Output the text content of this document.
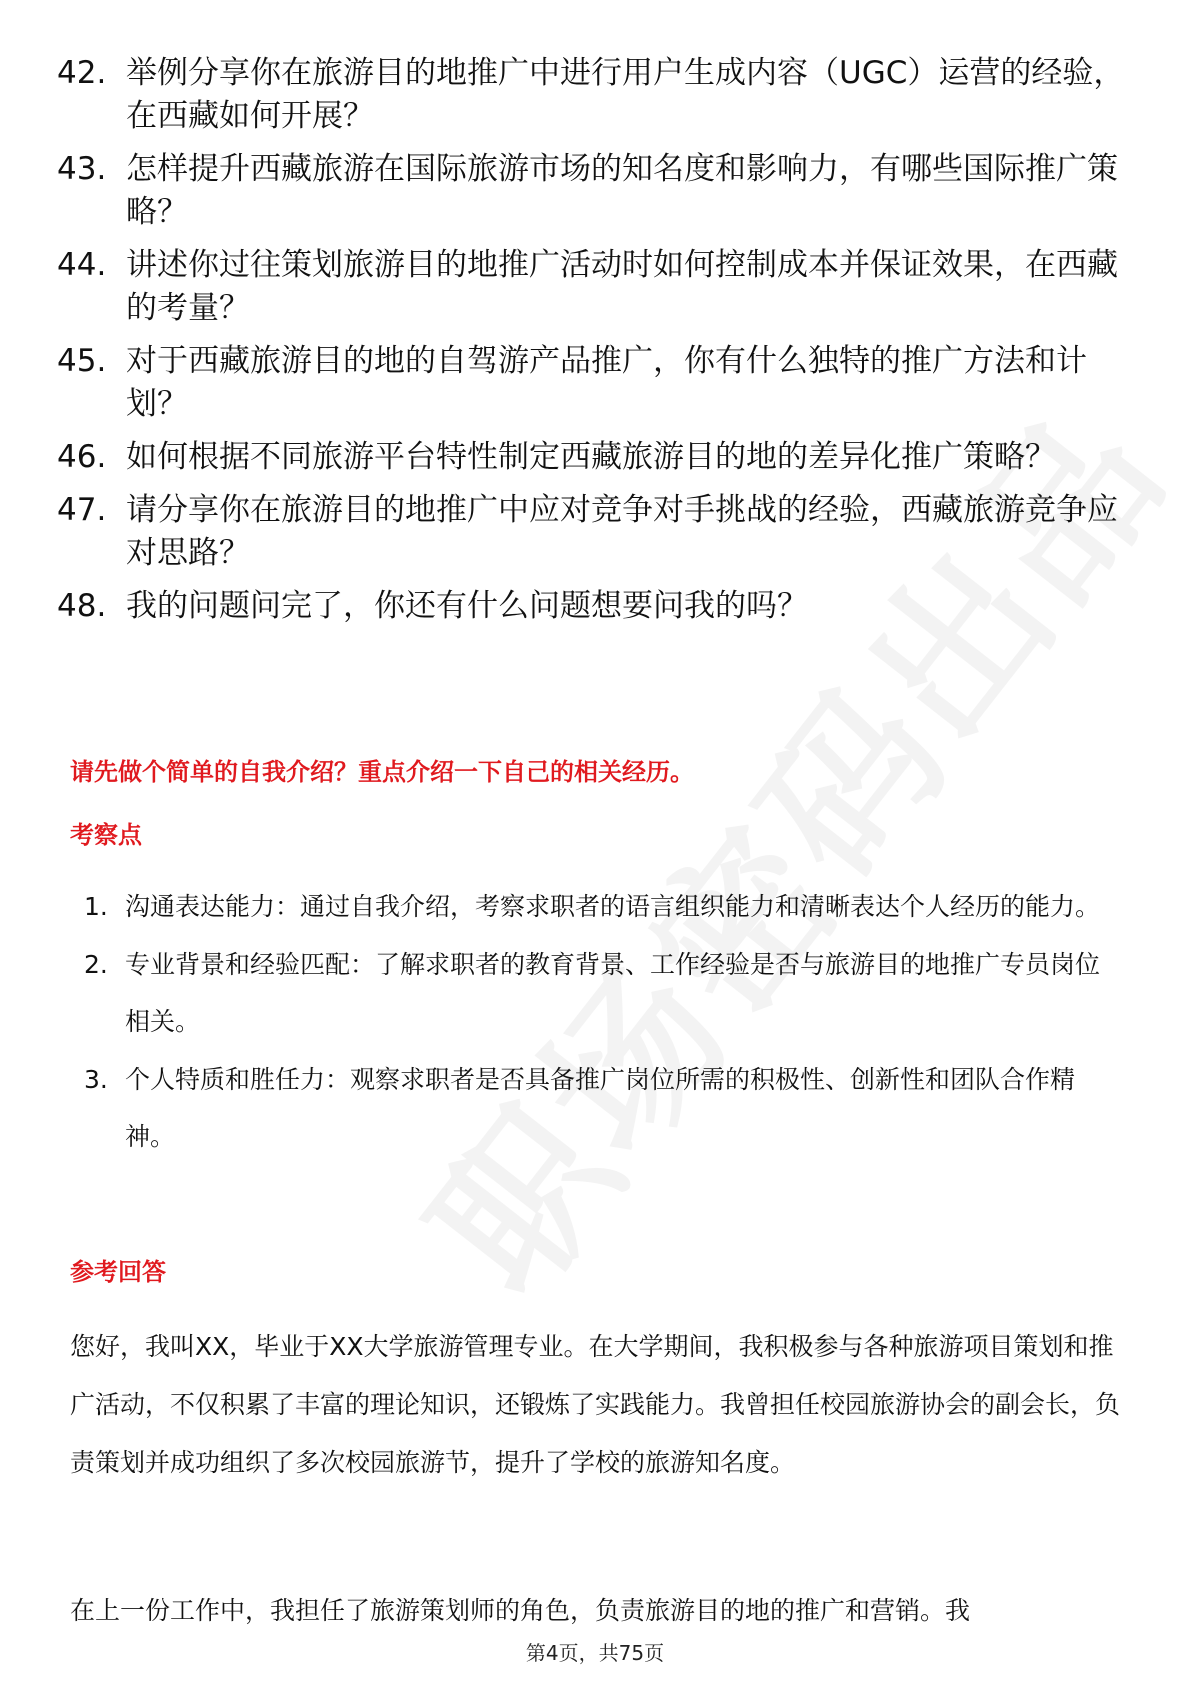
42. 举例分享你在旅游目的地推广中进行用户生成内容（UGC）运营的经验，在西藏如何开展？
43. 怎样提升西藏旅游在国际旅游市场的知名度和影响力，有哪些国际推广策略？
44. 讲述你过往策划旅游目的地推广活动时如何控制成本并保证效果，在西藏的考量？
45. 对于西藏旅游目的地的自驾游产品推广，你有什么独特的推广方法和计划？
46. 如何根据不同旅游平台特性制定西藏旅游目的地的差异化推广策略？
47. 请分享你在旅游目的地推广中应对竞争对手挑战的经验，西藏旅游竞争应对思路？
48. 我的问题问完了，你还有什么问题想要问我的吗？
请先做个简单的自我介绍？重点介绍一下自己的相关经历。
考察点
1. 沟通表达能力：通过自我介绍，考察求职者的语言组织能力和清晰表达个人经历的能力。
2. 专业背景和经验匹配：了解求职者的教育背景、工作经验是否与旅游目的地推广专员岗位相关。
3. 个人特质和胜任力：观察求职者是否具备推广岗位所需的积极性、创新性和团队合作精神。
参考回答

您好，我叫XX，毕业于XX大学旅游管理专业。在大学期间，我积极参与各种旅游项目策划和推广活动，不仅积累了丰富的理论知识，还锻炼了实践能力。我曾担任校园旅游协会的副会长，负责策划并成功组织了多次校园旅游节，提升了学校的旅游知名度。

在上一份工作中，我担任了旅游策划师的角色，负责旅游目的地的推广和营销。我

第4页，共75页
